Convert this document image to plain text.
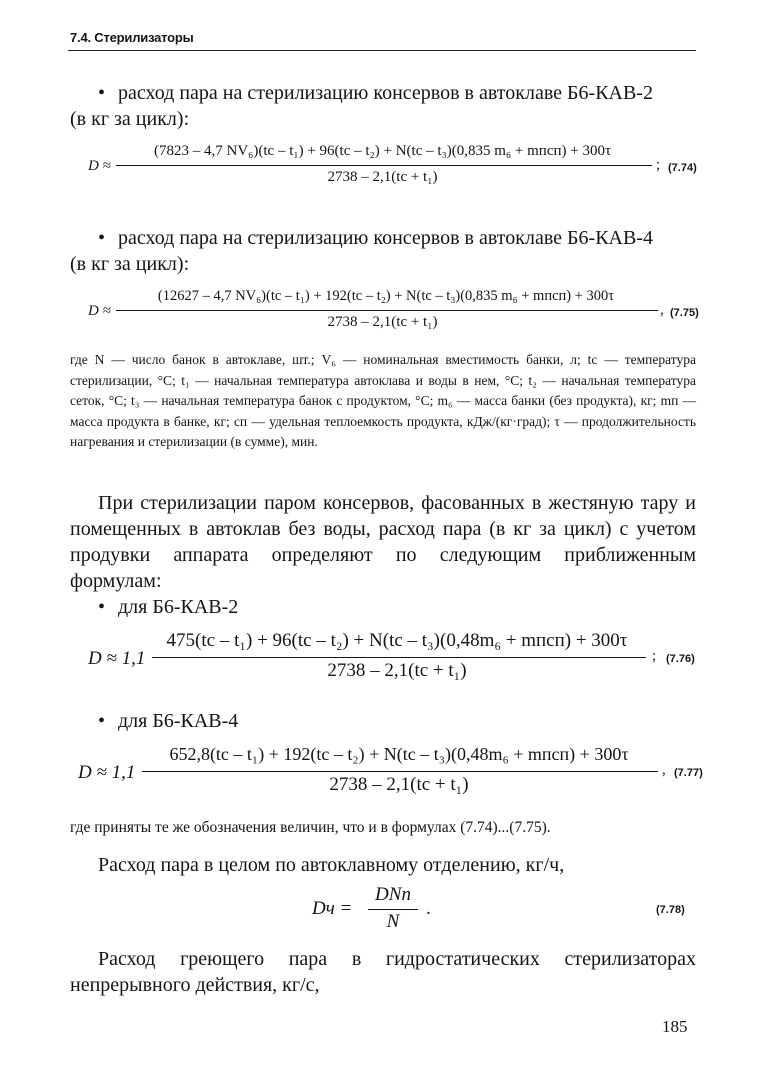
7.4. Стерилизаторы
• расход пара на стерилизацию консервов в автоклаве Б6-КАВ-2
(в кг за цикл):
D ≈
(7823 – 4,7 NV₆)(tc – t₁) + 96(tc – t₂) + N(tc – t₃)(0,835 m₆ + mпcп) + 300τ
2738 – 2,1(tc + t₁)
; (7.74)
• расход пара на стерилизацию консервов в автоклаве Б6-КАВ-4
(в кг за цикл):
D ≈
(12627 – 4,7 NV₆)(tc – t₁) + 192(tc – t₂) + N(tc – t₃)(0,835 m₆ + mпcп) + 300τ
2738 – 2,1(tc + t₁)
, (7.75)
где N — число банок в автоклаве, шт.; V₆ — номинальная вместимость банки, л; tc — температура стерилизации, °С; t₁ — начальная температура автоклава и воды в нем, °С; t₂ — начальная температура сеток, °С; t₃ — начальная температура банок с продуктом, °С; m₆ — масса банки (без продукта), кг; mп — масса продукта в банке, кг; cп — удельная теплоемкость продукта, кДж/(кг·град); τ — продолжительность нагревания и стерилизации (в сумме), мин.
При стерилизации паром консервов, фасованных в жестяную тару и помещенных в автоклав без воды, расход пара (в кг за цикл) с учетом продувки аппарата определяют по следующим приближенным формулам:
• для Б6-КАВ-2
D ≈ 1,1
475(tc – t₁) + 96(tc – t₂) + N(tc – t₃)(0,48m₆ + mпcп) + 300τ
2738 – 2,1(tc + t₁)
; (7.76)
• для Б6-КАВ-4
D ≈ 1,1
652,8(tc – t₁) + 192(tc – t₂) + N(tc – t₃)(0,48m₆ + mпcп) + 300τ
2738 – 2,1(tc + t₁)
, (7.77)
где приняты те же обозначения величин, что и в формулах (7.74)...(7.75).
Расход пара в целом по автоклавному отделению, кг/ч,
Dч =
DNп
N
.	(7.78)
Расход греющего пара в гидростатических стерилизаторах непрерывного действия, кг/с,
185
